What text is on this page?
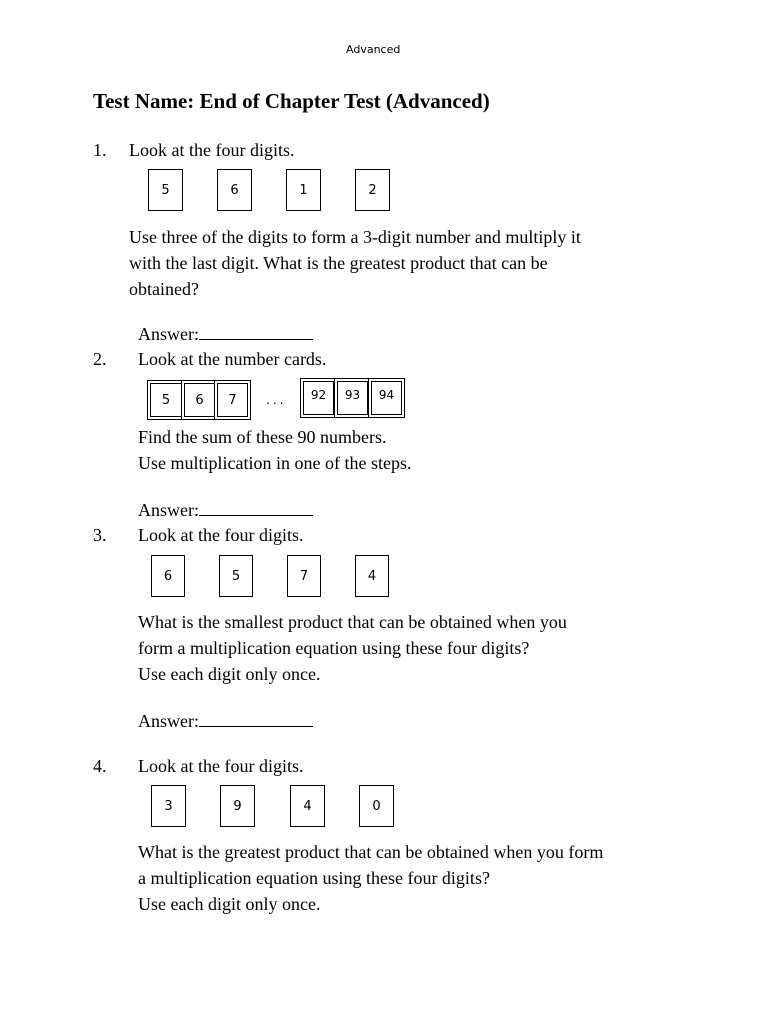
Advanced
Test Name: End of Chapter Test (Advanced)
1. Look at the four digits.
5	6	1	2
Use three of the digits to form a 3-digit number and multiply it
with the last digit. What is the greatest product that can be
obtained?
Answer:
2. Look at the number cards.
5	6	7	...	92	93	94
Find the sum of these 90 numbers.
Use multiplication in one of the steps.
Answer:
3. Look at the four digits.
6	5	7	4
What is the smallest product that can be obtained when you
form a multiplication equation using these four digits?
Use each digit only once.
Answer:
4. Look at the four digits.
3	9	4	0
What is the greatest product that can be obtained when you form
a multiplication equation using these four digits?
Use each digit only once.
